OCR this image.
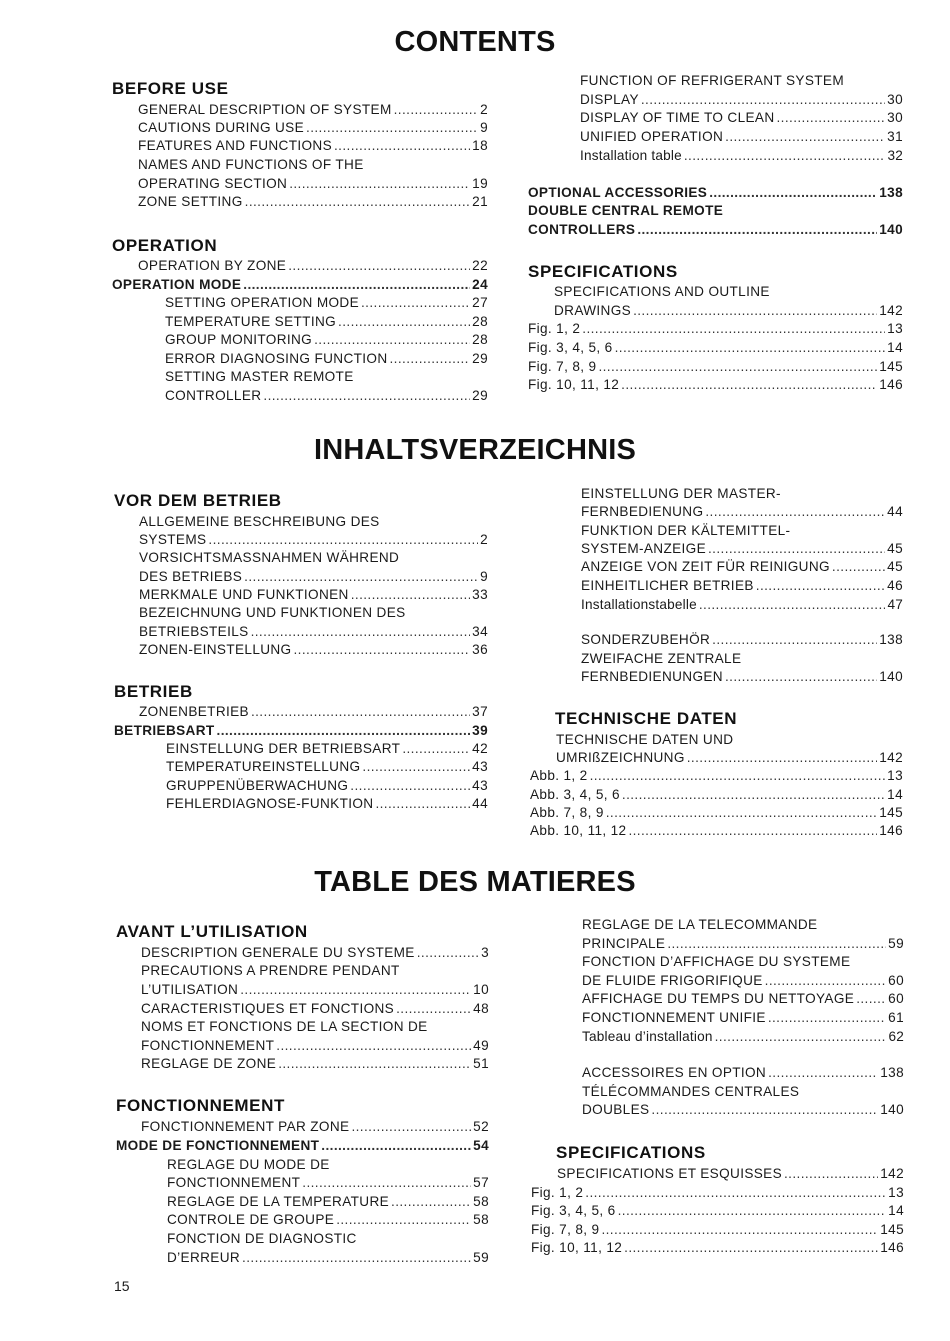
CONTENTS
BEFORE USE
GENERAL DESCRIPTION OF SYSTEM .....	2
CAUTIONS DURING USE .....	9
FEATURES AND FUNCTIONS .....	18
NAMES AND FUNCTIONS OF THE
OPERATING SECTION .....	19
ZONE SETTING .....	21
OPERATION
OPERATION BY ZONE .....	22
OPERATION MODE .....	24
SETTING OPERATION MODE .....	27
TEMPERATURE SETTING .....	28
GROUP MONITORING .....	28
ERROR DIAGNOSING FUNCTION .....	29
SETTING MASTER REMOTE
CONTROLLER .....	29
FUNCTION OF REFRIGERANT SYSTEM
DISPLAY .....	30
DISPLAY OF TIME TO CLEAN .....	30
UNIFIED OPERATION .....	31
Installation table .....	32
OPTIONAL ACCESSORIES .....	138
DOUBLE CENTRAL REMOTE
CONTROLLERS .....	140
SPECIFICATIONS
SPECIFICATIONS AND OUTLINE
DRAWINGS .....	142
Fig. 1, 2 .....	13
Fig. 3, 4, 5, 6 .....	14
Fig. 7, 8, 9 .....	145
Fig. 10, 11, 12 .....	146
INHALTSVERZEICHNIS
VOR DEM BETRIEB
ALLGEMEINE BESCHREIBUNG DES
SYSTEMS .....	2
VORSICHTSMASSNAHMEN WÄHREND
DES BETRIEBS .....	9
MERKMALE UND FUNKTIONEN .....	33
BEZEICHNUNG UND FUNKTIONEN DES
BETRIEBSTEILS .....	34
ZONEN-EINSTELLUNG .....	36
BETRIEB
ZONENBETRIEB .....	37
BETRIEBSART .....	39
EINSTELLUNG DER BETRIEBSART .....	42
TEMPERATUREINSTELLUNG .....	43
GRUPPENÜBERWACHUNG .....	43
FEHLERDIAGNOSE-FUNKTION .....	44
EINSTELLUNG DER MASTER-
FERNBEDIENUNG .....	44
FUNKTION DER KÄLTEMITTEL-
SYSTEM-ANZEIGE .....	45
ANZEIGE VON ZEIT FÜR REINIGUNG .....	45
EINHEITLICHER BETRIEB .....	46
Installationstabelle .....	47
SONDERZUBEHÖR .....	138
ZWEIFACHE ZENTRALE
FERNBEDIENUNGEN .....	140
TECHNISCHE DATEN
TECHNISCHE DATEN UND
UMRIßZEICHNUNG .....	142
Abb. 1, 2 .....	13
Abb. 3, 4, 5, 6 .....	14
Abb. 7, 8, 9 .....	145
Abb. 10, 11, 12 .....	146
TABLE DES MATIERES
AVANT L’UTILISATION
DESCRIPTION GENERALE DU SYSTEME .....	3
PRECAUTIONS A PRENDRE PENDANT
L’UTILISATION .....	10
CARACTERISTIQUES ET FONCTIONS .....	48
NOMS ET FONCTIONS DE LA SECTION DE
FONCTIONNEMENT .....	49
REGLAGE DE ZONE .....	51
FONCTIONNEMENT
FONCTIONNEMENT PAR ZONE .....	52
MODE DE FONCTIONNEMENT .....	54
REGLAGE DU MODE DE
FONCTIONNEMENT .....	57
REGLAGE DE LA TEMPERATURE .....	58
CONTROLE DE GROUPE .....	58
FONCTION DE DIAGNOSTIC
D’ERREUR .....	59
REGLAGE DE LA TELECOMMANDE
PRINCIPALE .....	59
FONCTION D’AFFICHAGE DU SYSTEME
DE FLUIDE FRIGORIFIQUE .....	60
AFFICHAGE DU TEMPS DU NETTOYAGE ..... 60
FONCTIONNEMENT UNIFIE .....	61
Tableau d’installation .....	62
ACCESSOIRES EN OPTION .....	138
TÉLÉCOMMANDES CENTRALES
DOUBLES .....	140
SPECIFICATIONS
SPECIFICATIONS ET ESQUISSES .....	142
Fig. 1, 2 .....	13
Fig. 3, 4, 5, 6 .....	14
Fig. 7, 8, 9 .....	145
Fig. 10, 11, 12 .....	146
15
